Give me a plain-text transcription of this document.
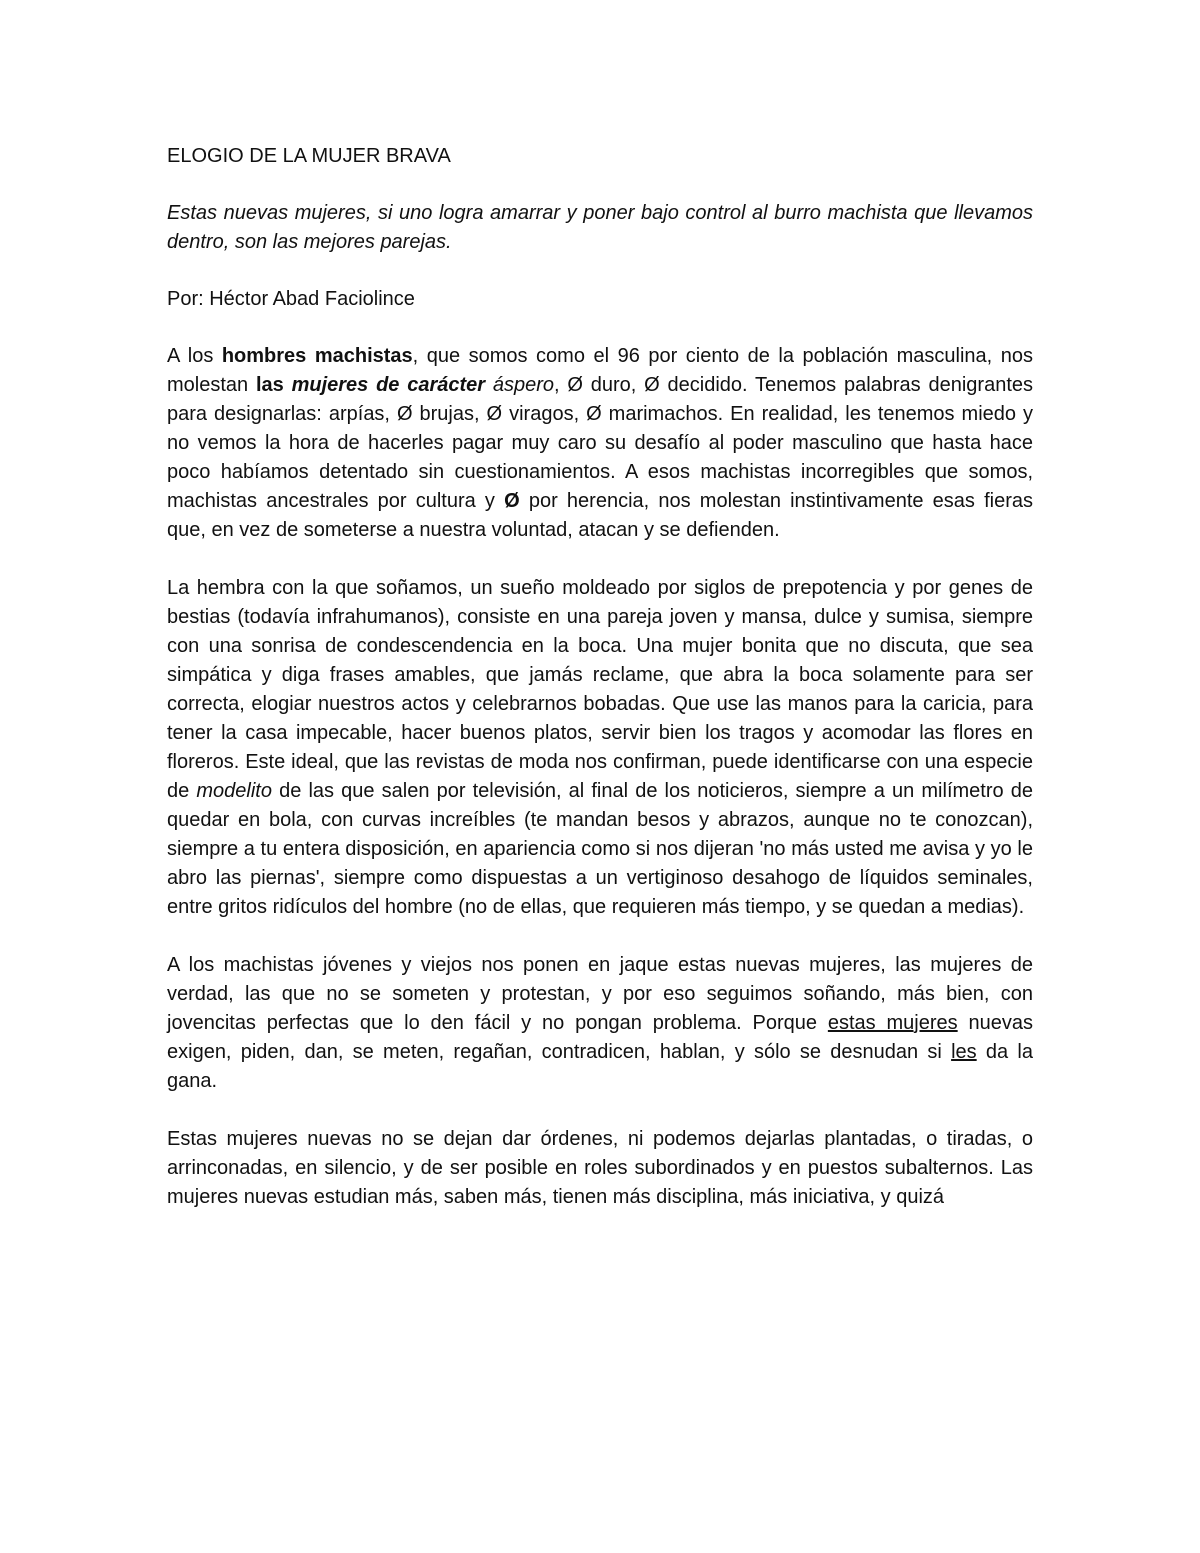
ELOGIO DE LA MUJER BRAVA
Estas nuevas mujeres, si uno logra amarrar y poner bajo control al burro machista que llevamos dentro, son las mejores parejas.
Por: Héctor Abad Faciolince

A los hombres machistas, que somos como el 96 por ciento de la población masculina, nos molestan las mujeres de carácter áspero, Ø duro, Ø decidido. Tenemos palabras denigrantes para designarlas: arpías, Ø brujas, Ø viragos, Ø marimachos. En realidad, les tenemos miedo y no vemos la hora de hacerles pagar muy caro su desafío al poder masculino que hasta hace poco habíamos detentado sin cuestionamientos. A esos machistas incorregibles que somos, machistas ancestrales por cultura y Ø por herencia, nos molestan instintivamente esas fieras que, en vez de someterse a nuestra voluntad, atacan y se defienden.

La hembra con la que soñamos, un sueño moldeado por siglos de prepotencia y por genes de bestias (todavía infrahumanos), consiste en una pareja joven y mansa, dulce y sumisa, siempre con una sonrisa de condescendencia en la boca. Una mujer bonita que no discuta, que sea simpática y diga frases amables, que jamás reclame, que abra la boca solamente para ser correcta, elogiar nuestros actos y celebrarnos bobadas. Que use las manos para la caricia, para tener la casa impecable, hacer buenos platos, servir bien los tragos y acomodar las flores en floreros. Este ideal, que las revistas de moda nos confirman, puede identificarse con una especie de modelito de las que salen por televisión, al final de los noticieros, siempre a un milímetro de quedar en bola, con curvas increíbles (te mandan besos y abrazos, aunque no te conozcan), siempre a tu entera disposición, en apariencia como si nos dijeran 'no más usted me avisa y yo le abro las piernas', siempre como dispuestas a un vertiginoso desahogo de líquidos seminales, entre gritos ridículos del hombre (no de ellas, que requieren más tiempo, y se quedan a medias).

A los machistas jóvenes y viejos nos ponen en jaque estas nuevas mujeres, las mujeres de verdad, las que no se someten y protestan, y por eso seguimos soñando, más bien, con jovencitas perfectas que lo den fácil y no pongan problema. Porque estas mujeres nuevas exigen, piden, dan, se meten, regañan, contradicen, hablan, y sólo se desnudan si les da la gana.

Estas mujeres nuevas no se dejan dar órdenes, ni podemos dejarlas plantadas, o tiradas, o arrinconadas, en silencio, y de ser posible en roles subordinados y en puestos subalternos. Las mujeres nuevas estudian más, saben más, tienen más disciplina, más iniciativa, y quizá
